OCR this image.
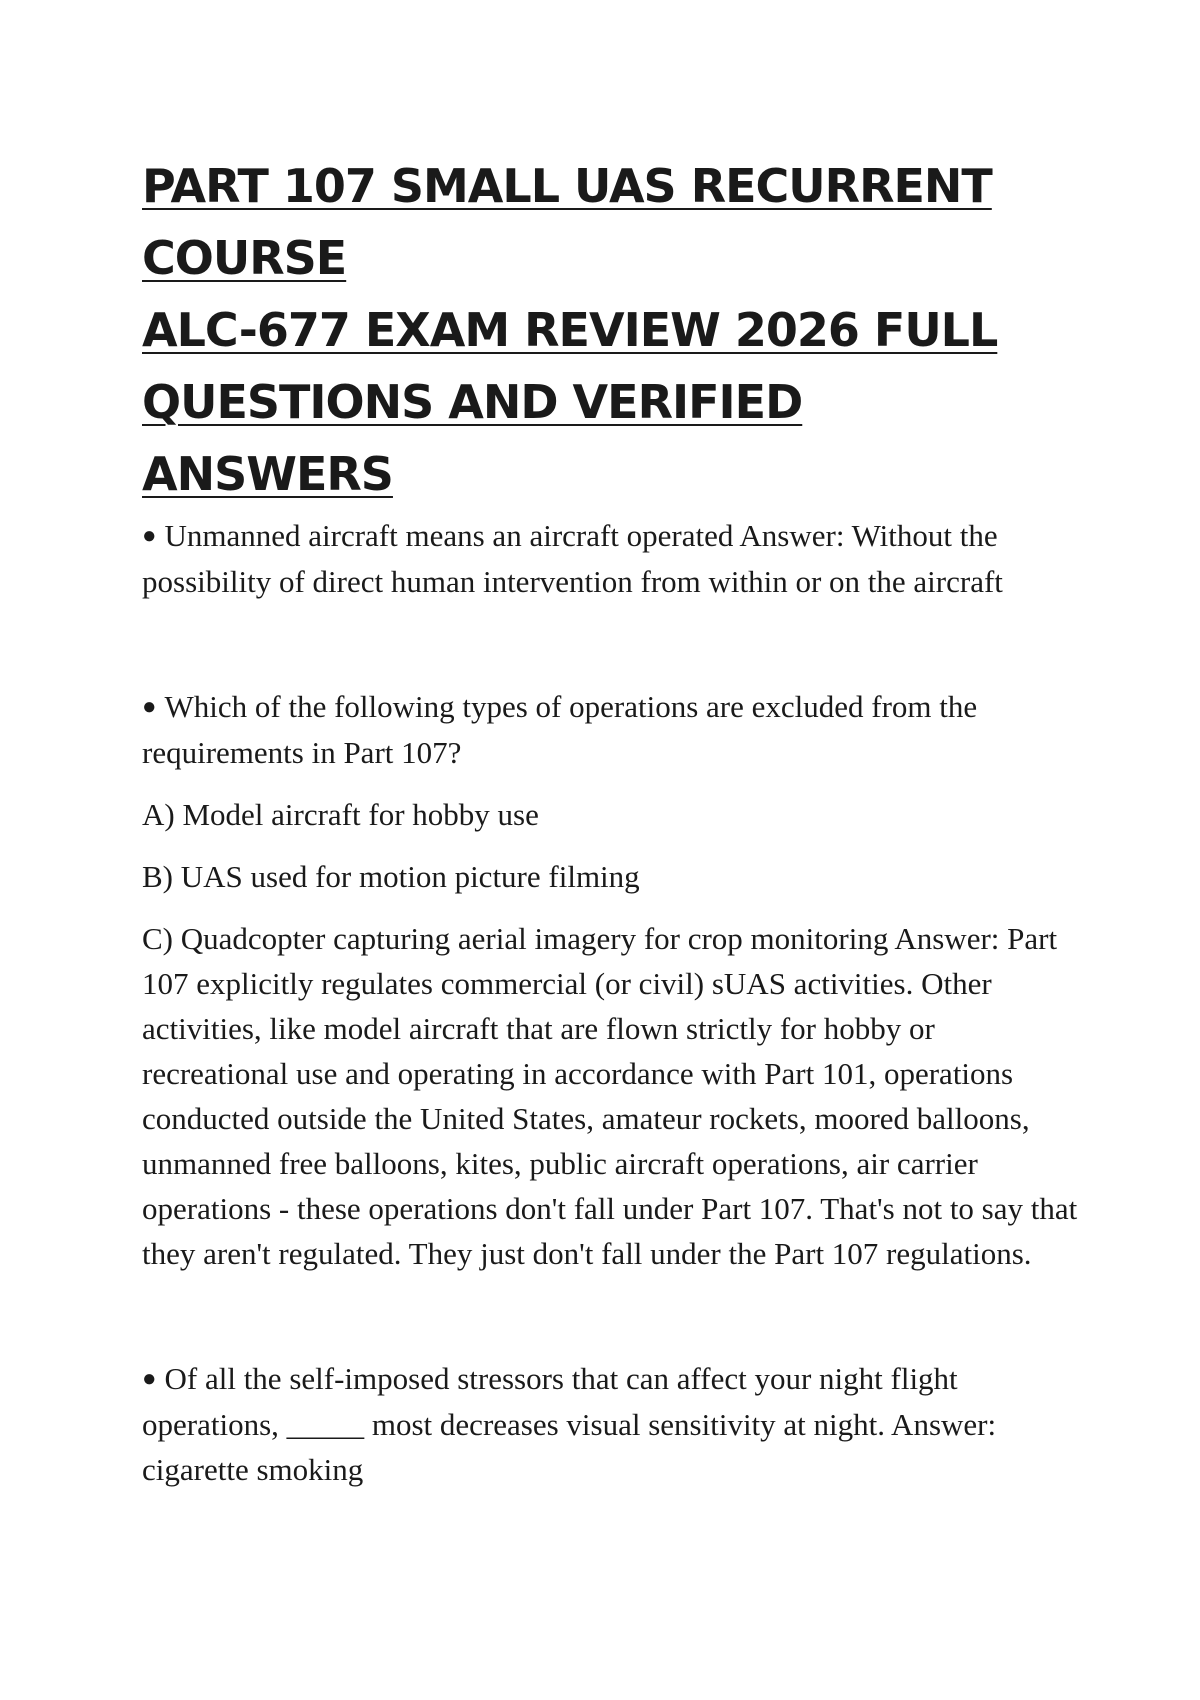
PART 107 SMALL UAS RECURRENT COURSE
ALC-677 EXAM REVIEW 2026 FULL
QUESTIONS AND VERIFIED ANSWERS

● Unmanned aircraft means an aircraft operated Answer: Without the possibility of direct human intervention from within or on the aircraft

● Which of the following types of operations are excluded from the requirements in Part 107?

A) Model aircraft for hobby use

B) UAS used for motion picture filming

C) Quadcopter capturing aerial imagery for crop monitoring Answer: Part 107 explicitly regulates commercial (or civil) sUAS activities. Other activities, like model aircraft that are flown strictly for hobby or recreational use and operating in accordance with Part 101, operations conducted outside the United States, amateur rockets, moored balloons, unmanned free balloons, kites, public aircraft operations, air carrier operations - these operations don't fall under Part 107. That's not to say that they aren't regulated. They just don't fall under the Part 107 regulations.

● Of all the self-imposed stressors that can affect your night flight operations, _____ most decreases visual sensitivity at night. Answer: cigarette smoking
